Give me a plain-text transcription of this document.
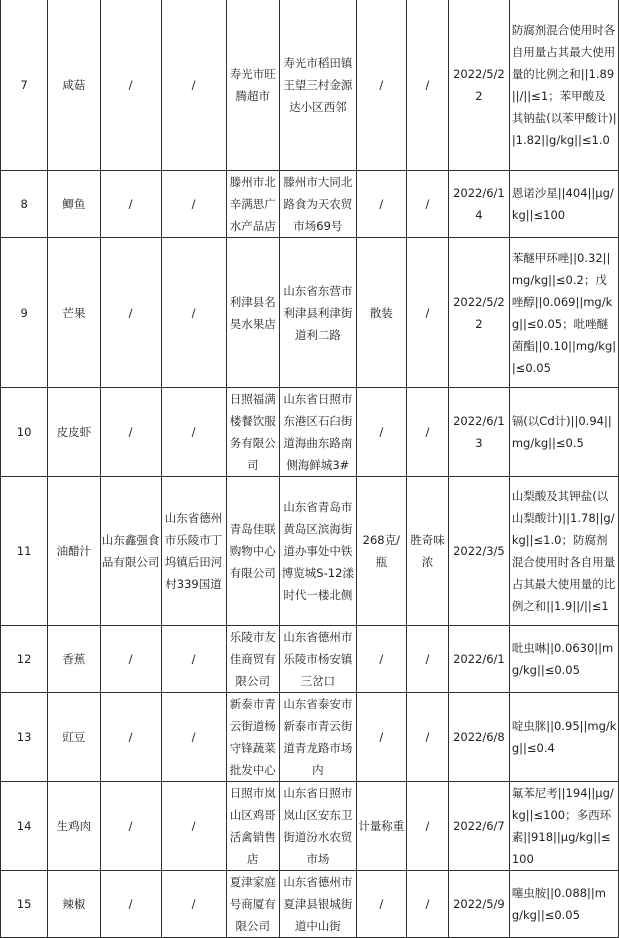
7	咸菇	/	/	寿光市旺腾超市	寿光市稻田镇王望三村金源达小区西邻	/	/	2022/5/22	防腐剂混合使用时各自用量占其最大使用量的比例之和||1.89||/||≤1；苯甲酸及其钠盐(以苯甲酸计)||1.82||g/kg||≤1.0
8	鲫鱼	/	/	滕州市北辛满思广水产品店	滕州市大同北路食为天农贸市场69号	/	/	2022/6/14	恩诺沙星||404||μg/kg||≤100
9	芒果	/	/	利津县名昊水果店	山东省东营市利津县利津街道利二路	散装	/	2022/5/22	苯醚甲环唑||0.32||mg/kg||≤0.2；戊唑醇||0.069||mg/kg||≤0.05；吡唑醚菌酯||0.10||mg/kg||≤0.05
10	皮皮虾	/	/	日照福满楼餐饮服务有限公司	山东省日照市东港区石臼街道海曲东路南侧海鲜城3#	/	/	2022/6/13	镉(以Cd计)||0.94||mg/kg||≤0.5
11	油醋汁	山东鑫强食品有限公司	山东省德州市乐陵市丁坞镇后田河村339国道	青岛佳联购物中心有限公司	山东省青岛市黄岛区滨海街道办事处中铁博览城S-12漾时代一楼北侧	268克/瓶	胜奇味浓	2022/3/5	山梨酸及其钾盐(以山梨酸计)||1.78||g/kg||≤1.0；防腐剂混合使用时各自用量占其最大使用量的比例之和||1.9||/||≤1
12	香蕉	/	/	乐陵市友佳商贸有限公司	山东省德州市乐陵市杨安镇三岔口	/	/	2022/6/1	吡虫啉||0.0630||mg/kg||≤0.05
13	豇豆	/	/	新泰市青云街道杨守锋蔬菜批发中心	山东省泰安市新泰市青云街道青龙路市场内	/	/	2022/6/8	啶虫脒||0.95||mg/kg||≤0.4
14	生鸡肉	/	/	日照市岚山区鸡哥活禽销售店	山东省日照市岚山区安东卫街道汾水农贸市场	计量称重	/	2022/6/7	氟苯尼考||194||μg/kg||≤100；多西环素||918||μg/kg||≤100
15	辣椒	/	/	夏津家庭号商厦有限公司	山东省德州市夏津县银城街道中山街	/	/	2022/5/9	噻虫胺||0.088||mg/kg||≤0.05
